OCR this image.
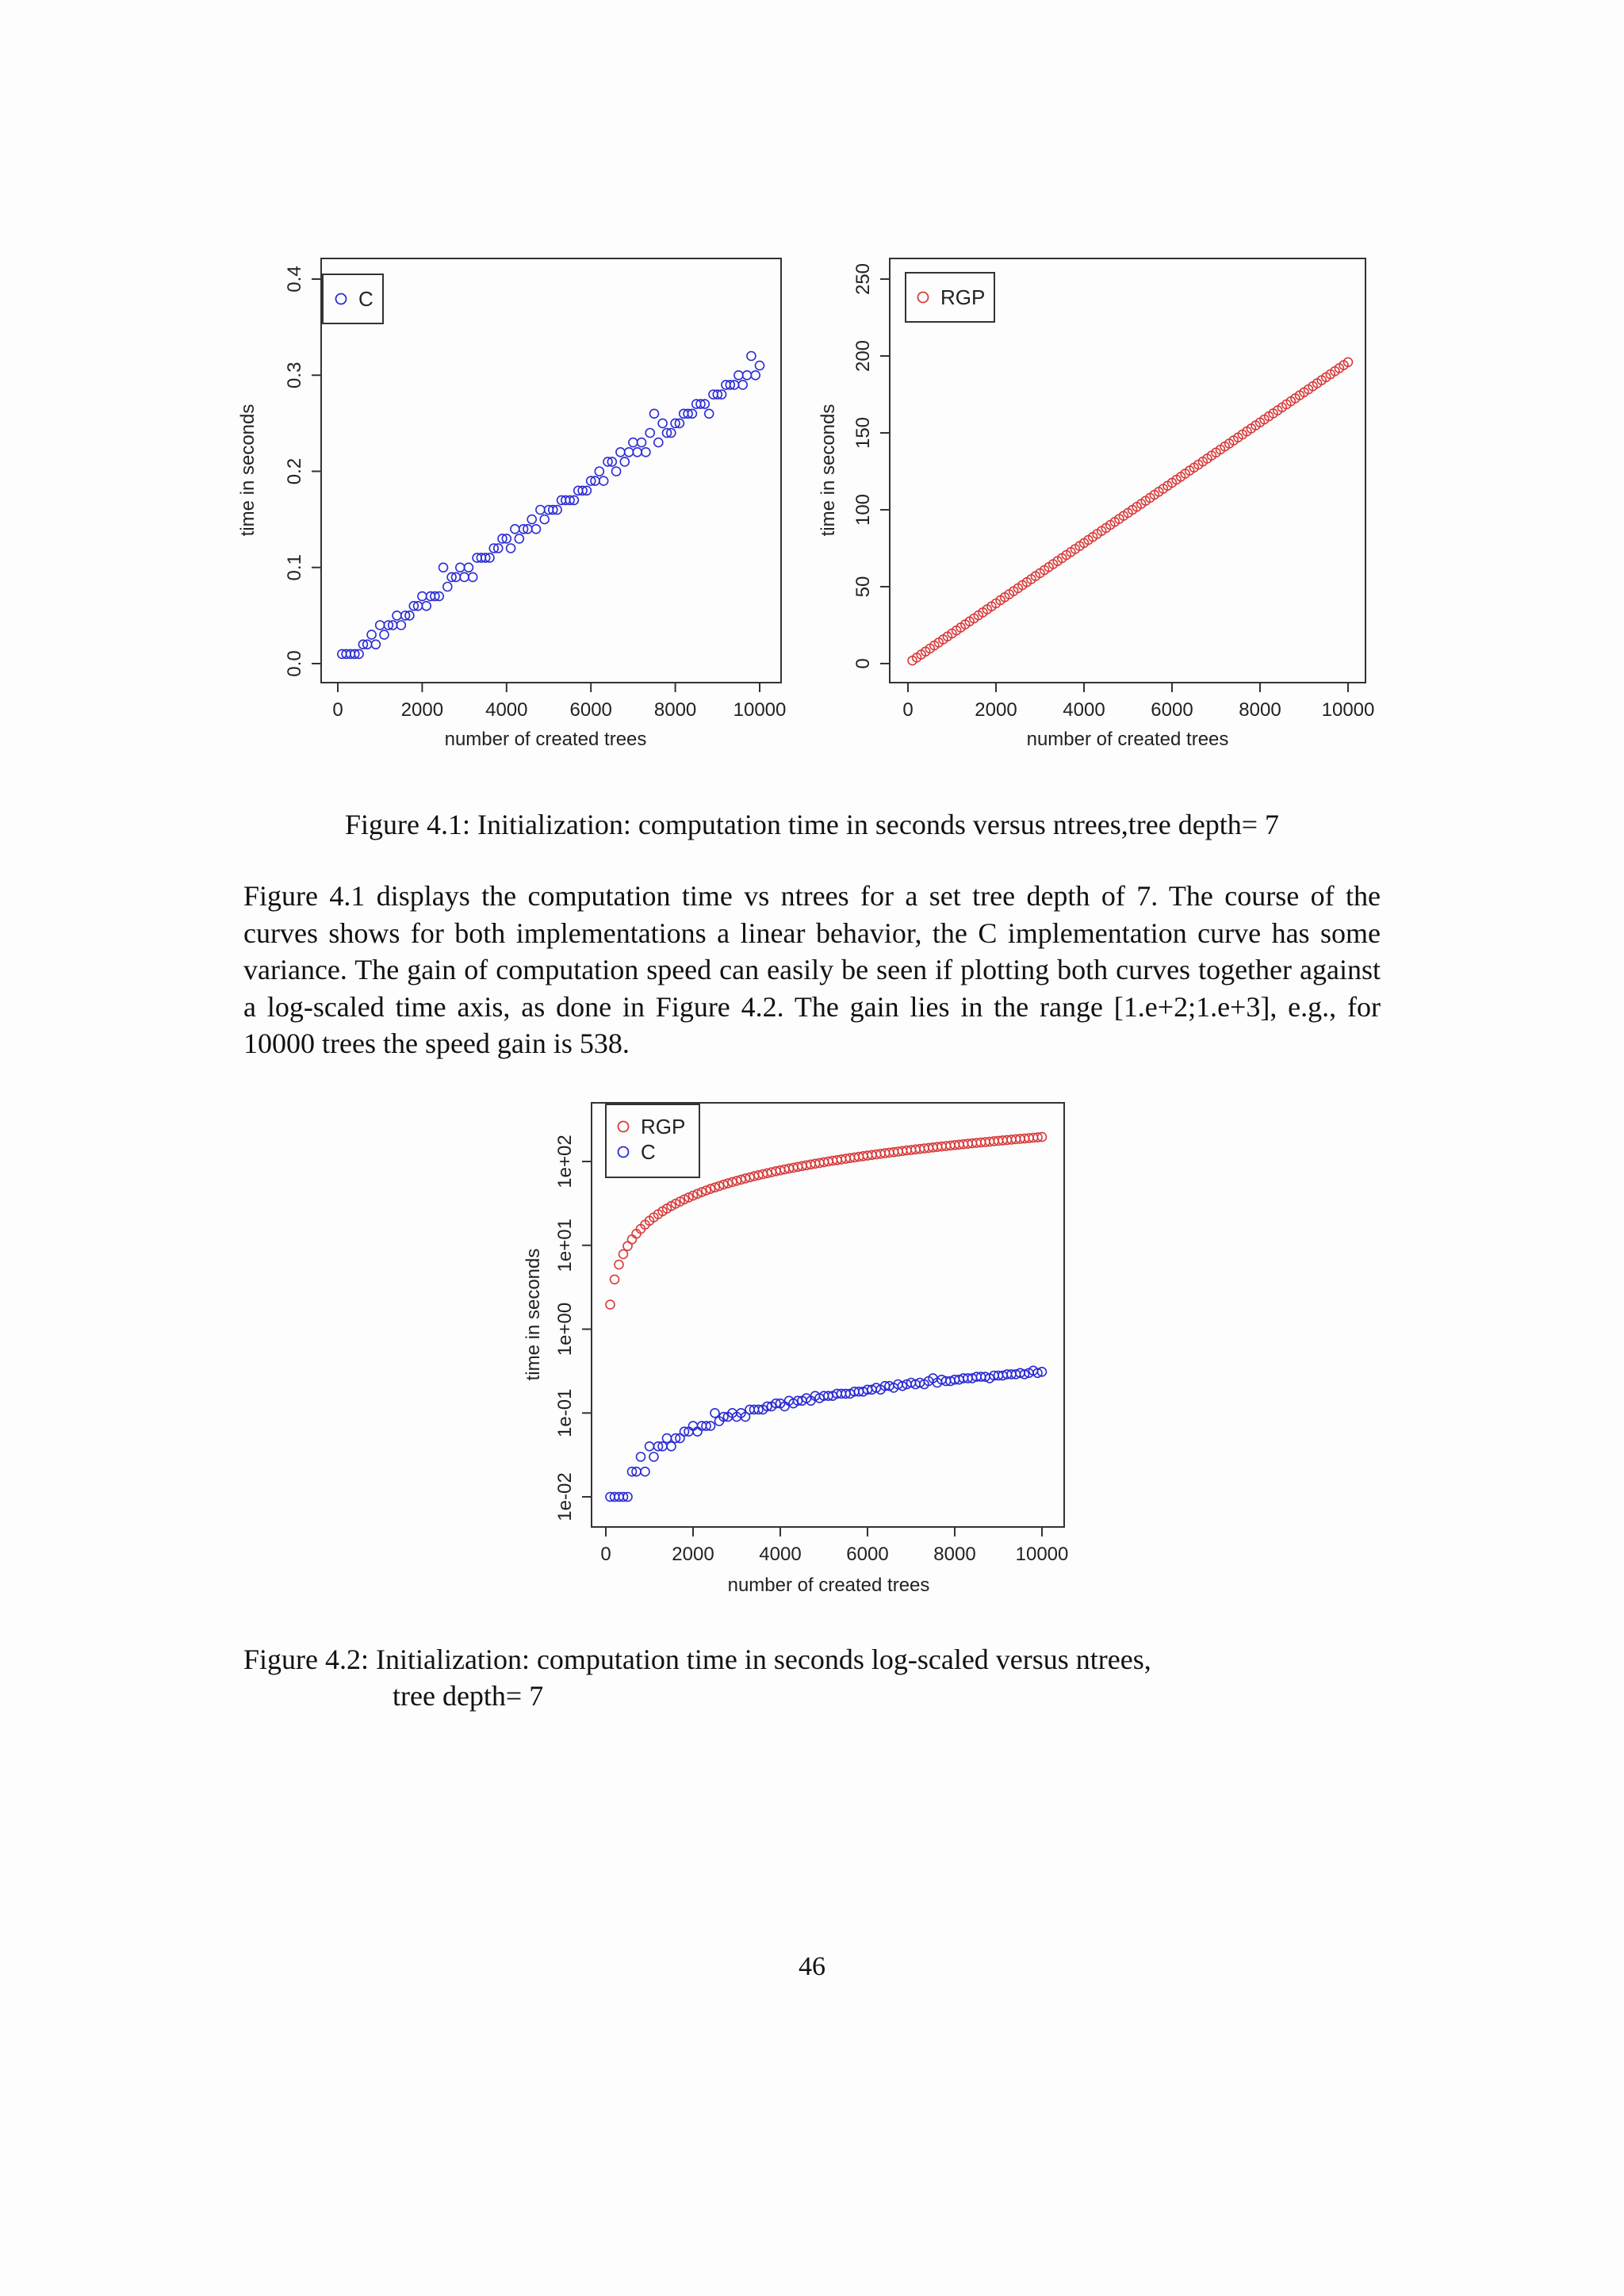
0	2000 4000 6000 8000 10000
0.0
0.1
0.2
0.3
0.4
number of created trees
time in seconds
C
0	2000 4000 6000 8000 10000
0
50
100
150
200
250
number of created trees
time in seconds
RGP

Figure 4.1: Initialization: computation time in seconds versus ntrees,tree depth= 7

Figure 4.1 displays the computation time vs ntrees for a set tree depth of 7. The course of the curves shows for both implementations a linear behavior, the C implementation curve has some variance. The gain of computation speed can easily be seen if plotting both curves together against a log-scaled time axis, as done in Figure 4.2. The gain lies in the range [1.e+2;1.e+3], e.g., for 10000 trees the speed gain is 538.

0	2000 4000 6000 8000 10000
1e-02
1e-01
1e+00
1e+01
1e+02
number of created trees
time in seconds
RGP
C
Figure 4.2: Initialization: computation time in seconds log-scaled versus ntrees,
tree depth= 7

46
